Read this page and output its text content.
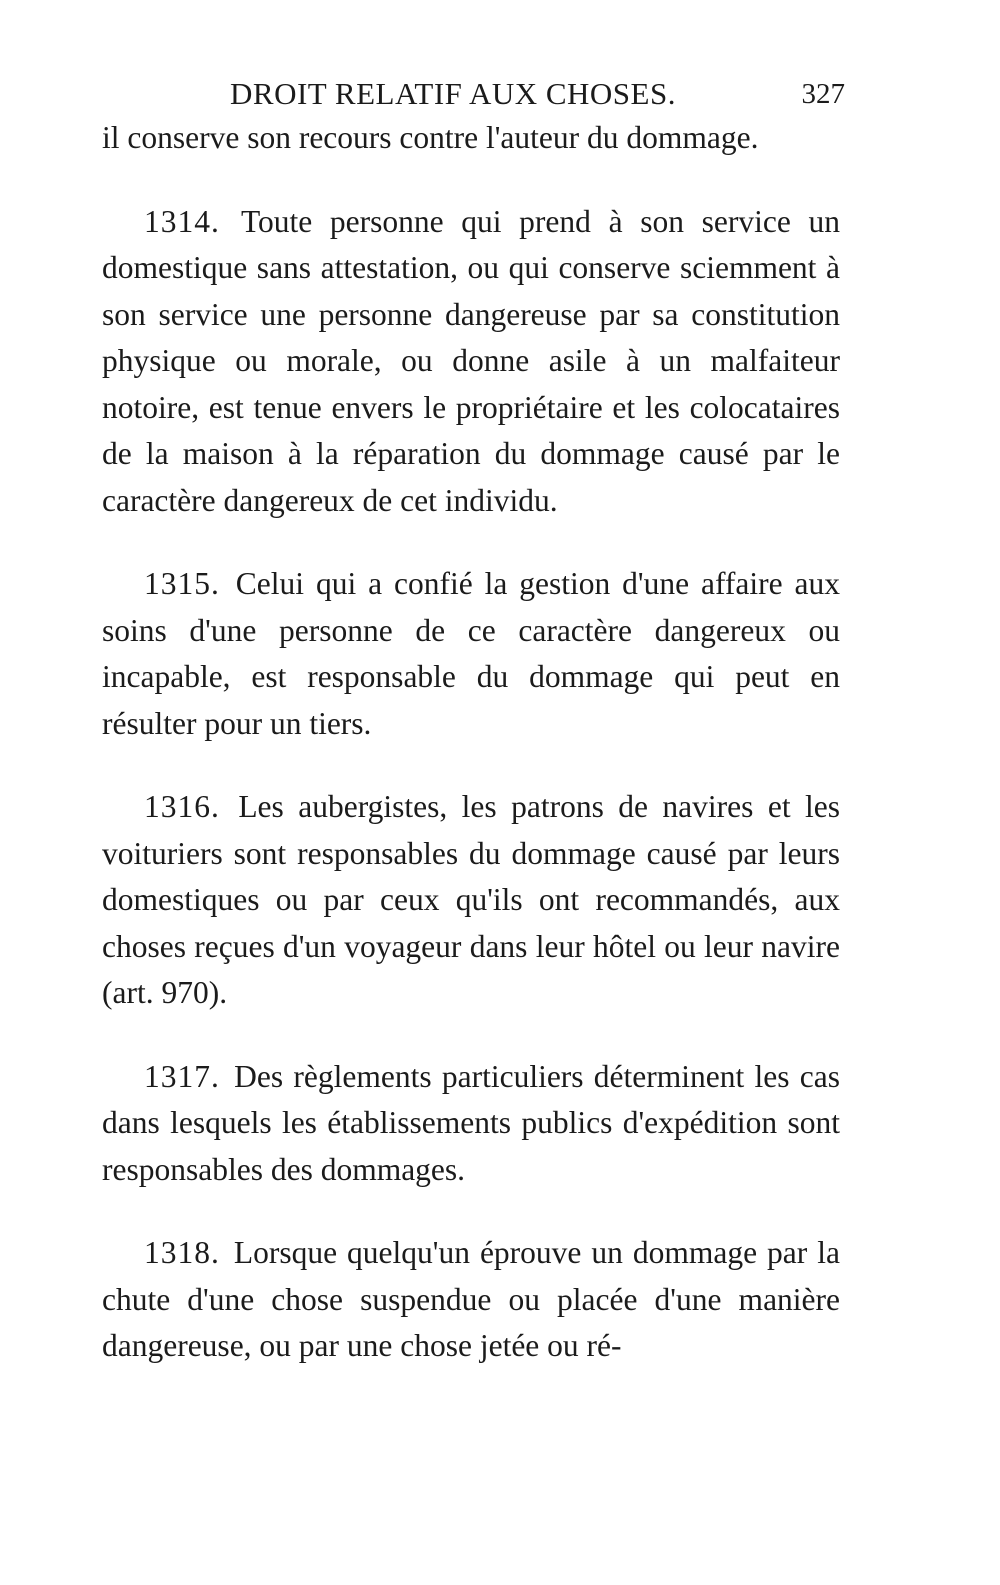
DROIT RELATIF AUX CHOSES.	327

il conserve son recours contre l'auteur du dommage.

1314. Toute personne qui prend à son service un domestique sans attestation, ou qui conserve sciemment à son service une personne dangereuse par sa constitution physique ou morale, ou donne asile à un malfaiteur notoire, est tenue envers le propriétaire et les colocataires de la maison à la réparation du dommage causé par le caractère dangereux de cet individu.

1315. Celui qui a confié la gestion d'une affaire aux soins d'une personne de ce caractère dangereux ou incapable, est responsable du dommage qui peut en résulter pour un tiers.

1316. Les aubergistes, les patrons de navires et les voituriers sont responsables du dommage causé par leurs domestiques ou par ceux qu'ils ont recommandés, aux choses reçues d'un voyageur dans leur hôtel ou leur navire (art. 970).

1317. Des règlements particuliers déterminent les cas dans lesquels les établissements publics d'expédition sont responsables des dommages.

1318. Lorsque quelqu'un éprouve un dommage par la chute d'une chose suspendue ou placée d'une manière dangereuse, ou par une chose jetée ou ré-
